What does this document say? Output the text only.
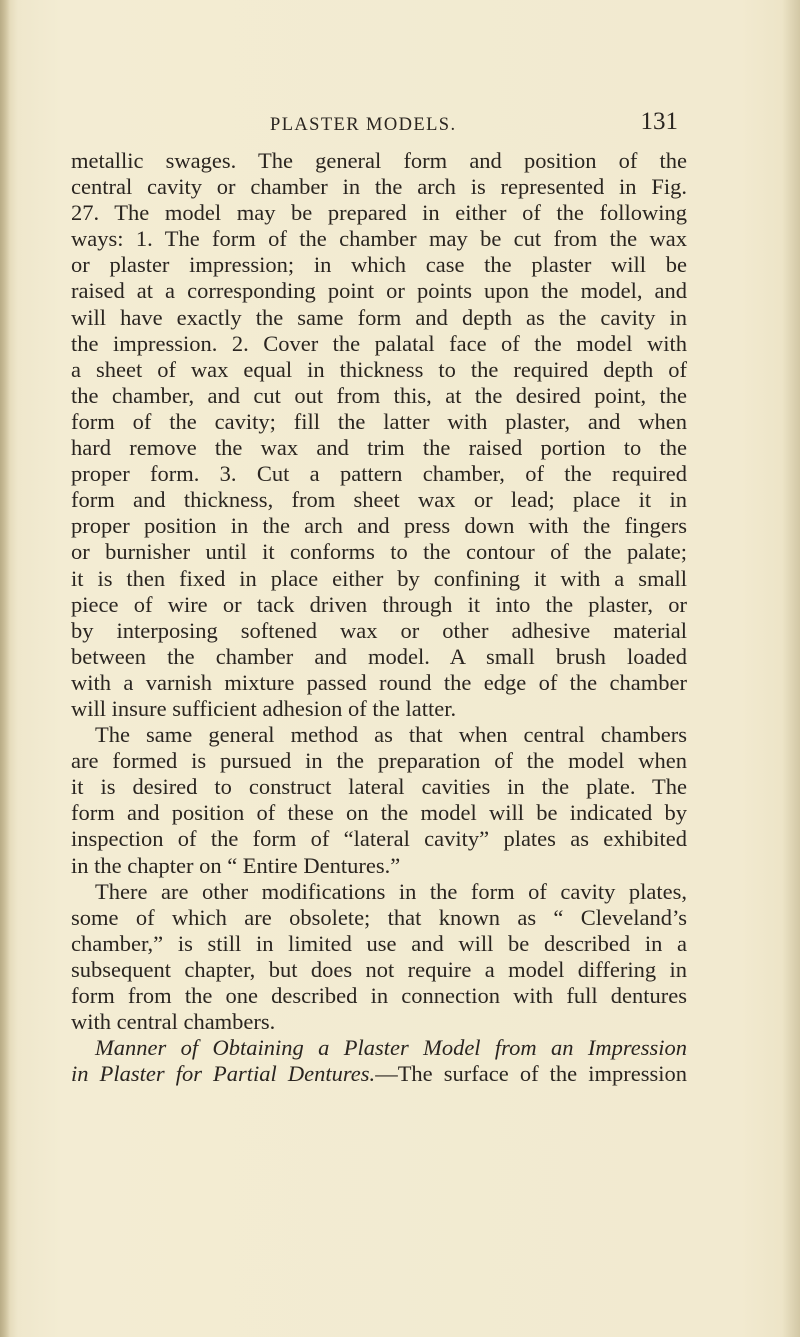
PLASTER MODELS.	131
metallic swages. The general form and position of the
central cavity or chamber in the arch is represented in Fig.
27. The model may be prepared in either of the following
ways: 1. The form of the chamber may be cut from the wax
or plaster impression; in which case the plaster will be
raised at a corresponding point or points upon the model, and
will have exactly the same form and depth as the cavity in
the impression. 2. Cover the palatal face of the model with
a sheet of wax equal in thickness to the required depth of
the chamber, and cut out from this, at the desired point, the
form of the cavity; fill the latter with plaster, and when
hard remove the wax and trim the raised portion to the
proper form. 3. Cut a pattern chamber, of the required
form and thickness, from sheet wax or lead; place it in
proper position in the arch and press down with the fingers
or burnisher until it conforms to the contour of the palate;
it is then fixed in place either by confining it with a small
piece of wire or tack driven through it into the plaster, or
by interposing softened wax or other adhesive material
between the chamber and model. A small brush loaded
with a varnish mixture passed round the edge of the chamber
will insure sufficient adhesion of the latter.
The same general method as that when central chambers
are formed is pursued in the preparation of the model when
it is desired to construct lateral cavities in the plate. The
form and position of these on the model will be indicated by
inspection of the form of “lateral cavity” plates as exhibited
in the chapter on “ Entire Dentures.”
There are other modifications in the form of cavity plates,
some of which are obsolete; that known as “ Cleveland’s
chamber,” is still in limited use and will be described in a
subsequent chapter, but does not require a model differing in
form from the one described in connection with full dentures
with central chambers.
Manner of Obtaining a Plaster Model from an Impression
in Plaster for Partial Dentures.—The surface of the impression
